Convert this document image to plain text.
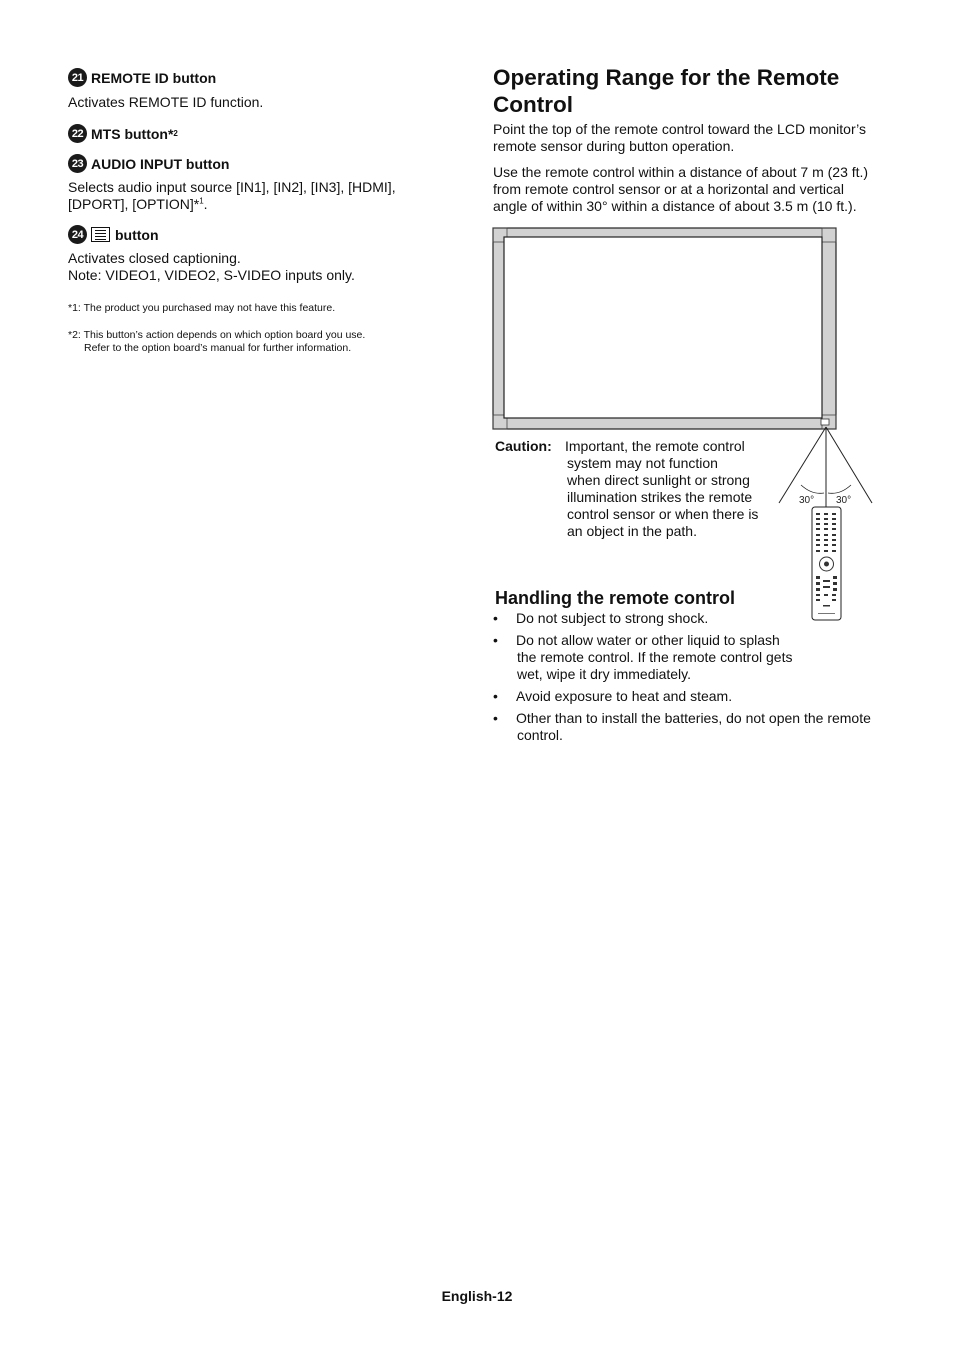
21 REMOTE ID button
Activates REMOTE ID function.
22 MTS button* 2
23 AUDIO INPUT button
Selects audio input source [IN1], [IN2], [IN3], [HDMI],
[DPORT], [OPTION]*$^1$.
24 button
Activates closed captioning.
Note: VIDEO1, VIDEO2, S-VIDEO inputs only.
*1: The product you purchased may not have this feature.
*2: This button’s action depends on which option board you use.
Refer to the option board’s manual for further information.
Operating Range for the Remote
Control
Point the top of the remote control toward the LCD monitor’s
remote sensor during button operation.
Use the remote control within a distance of about 7 m (23 ft.)
from remote control sensor or at a horizontal and vertical
angle of within 30° within a distance of about 3.5 m (10 ft.).
30° 30°
Caution: Important, the remote control
system may not function
when direct sunlight or strong
illumination strikes the remote
control sensor or when there is
an object in the path.
Handling the remote control
• Do not subject to strong shock.
• Do not allow water or other liquid to splash
the remote control. If the remote control gets
wet, wipe it dry immediately.
• Avoid exposure to heat and steam.
• Other than to install the batteries, do not open the remote
control.
English-12
